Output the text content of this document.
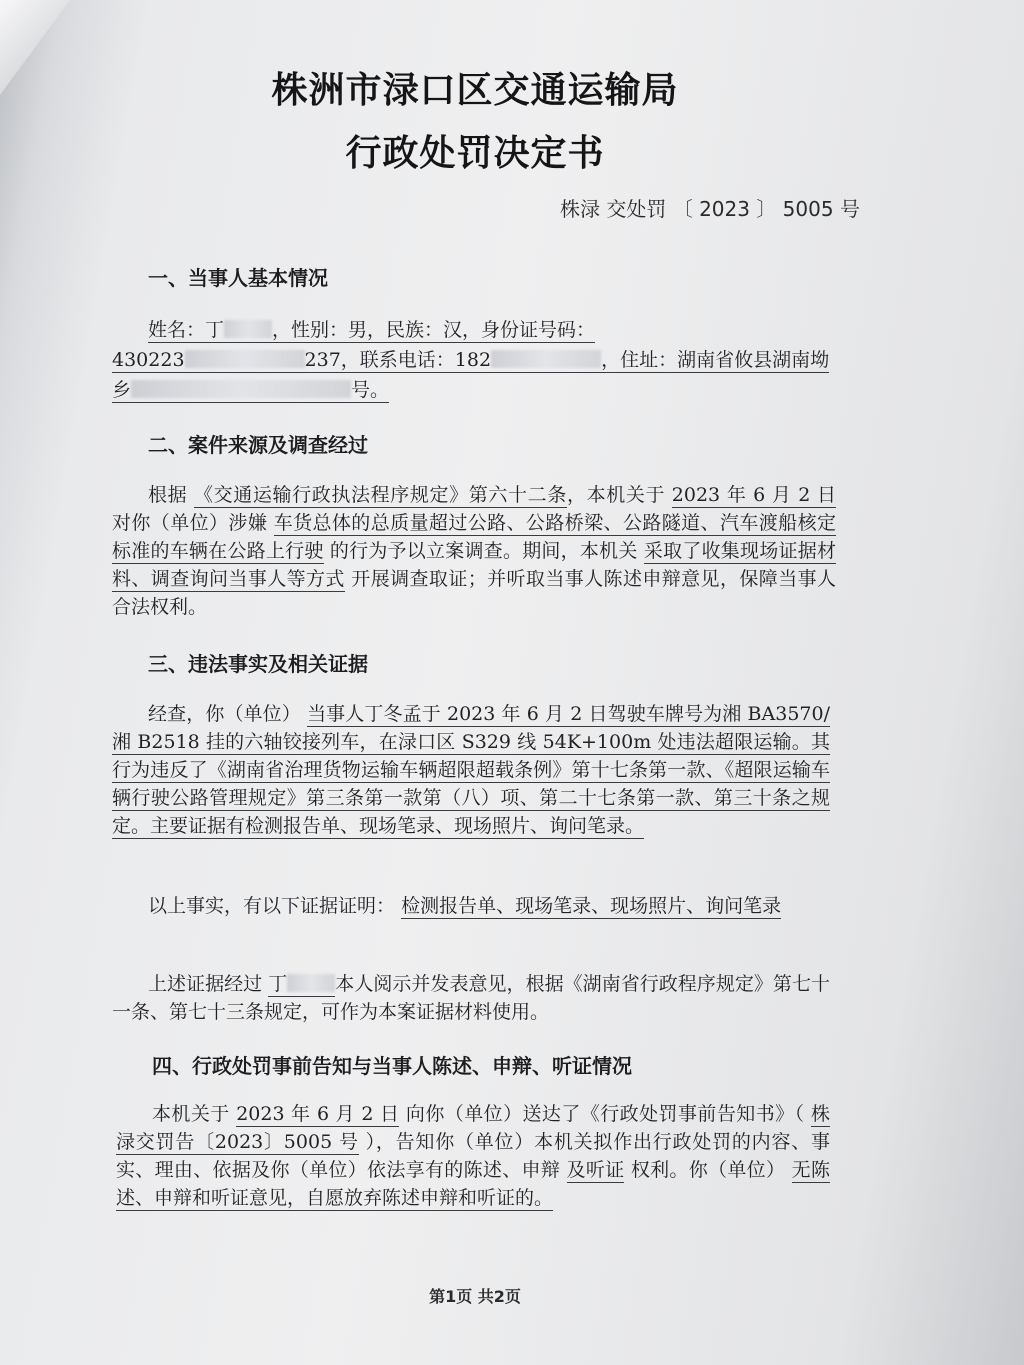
株洲市渌口区交通运输局
行政处罚决定书
株渌 交处罚 〔 2023 〕 5005 号
一、当事人基本情况
姓名：丁	，性别：男，民族：汉，身份证号码：
430223	237，联系电话：182	，住址：湖南省攸县湖南坳
乡	号。
二、案件来源及调查经过
根据 《交通运输行政执法程序规定》第六十二条，本机关于 2023 年 6 月 2 日 对你（单位）涉嫌 车货总体的总质量超过公路、公路桥梁、公路隧道、汽车渡船核定标准的车辆在公路上行驶 的行为予以立案调查。期间，本机关 采取了收集现场证据材料、调查询问当事人等方式 开展调查取证；并听取当事人陈述申辩意见，保障当事人合法权利。
三、违法事实及相关证据
经查，你（单位） 当事人丁冬孟于 2023 年 6 月 2 日驾驶车牌号为湘 BA3570/湘 B2518 挂的六轴铰接列车，在渌口区 S329 线 54K+100m 处违法超限运输。其行为违反了《湖南省治理货物运输车辆超限超载条例》第十七条第一款、《超限运输车辆行驶公路管理规定》第三条第一款第（八）项、第二十七条第一款、第三十条之规定。主要证据有检测报告单、现场笔录、现场照片、询问笔录。
以上事实，有以下证据证明： 检测报告单、现场笔录、现场照片、询问笔录
上述证据经过 丁	本人阅示并发表意见，根据《湖南省行政程序规定》第七十一条、第七十三条规定，可作为本案证据材料使用。
四、行政处罚事前告知与当事人陈述、申辩、听证情况
本机关于 2023 年 6 月 2 日 向你（单位）送达了《行政处罚事前告知书》（ 株渌交罚告〔2023〕5005 号 ），告知你（单位）本机关拟作出行政处罚的内容、事实、理由、依据及你（单位）依法享有的陈述、申辩 及听证 权利。你（单位） 无陈述、申辩和听证意见，自愿放弃陈述申辩和听证的。
第1页 共2页
